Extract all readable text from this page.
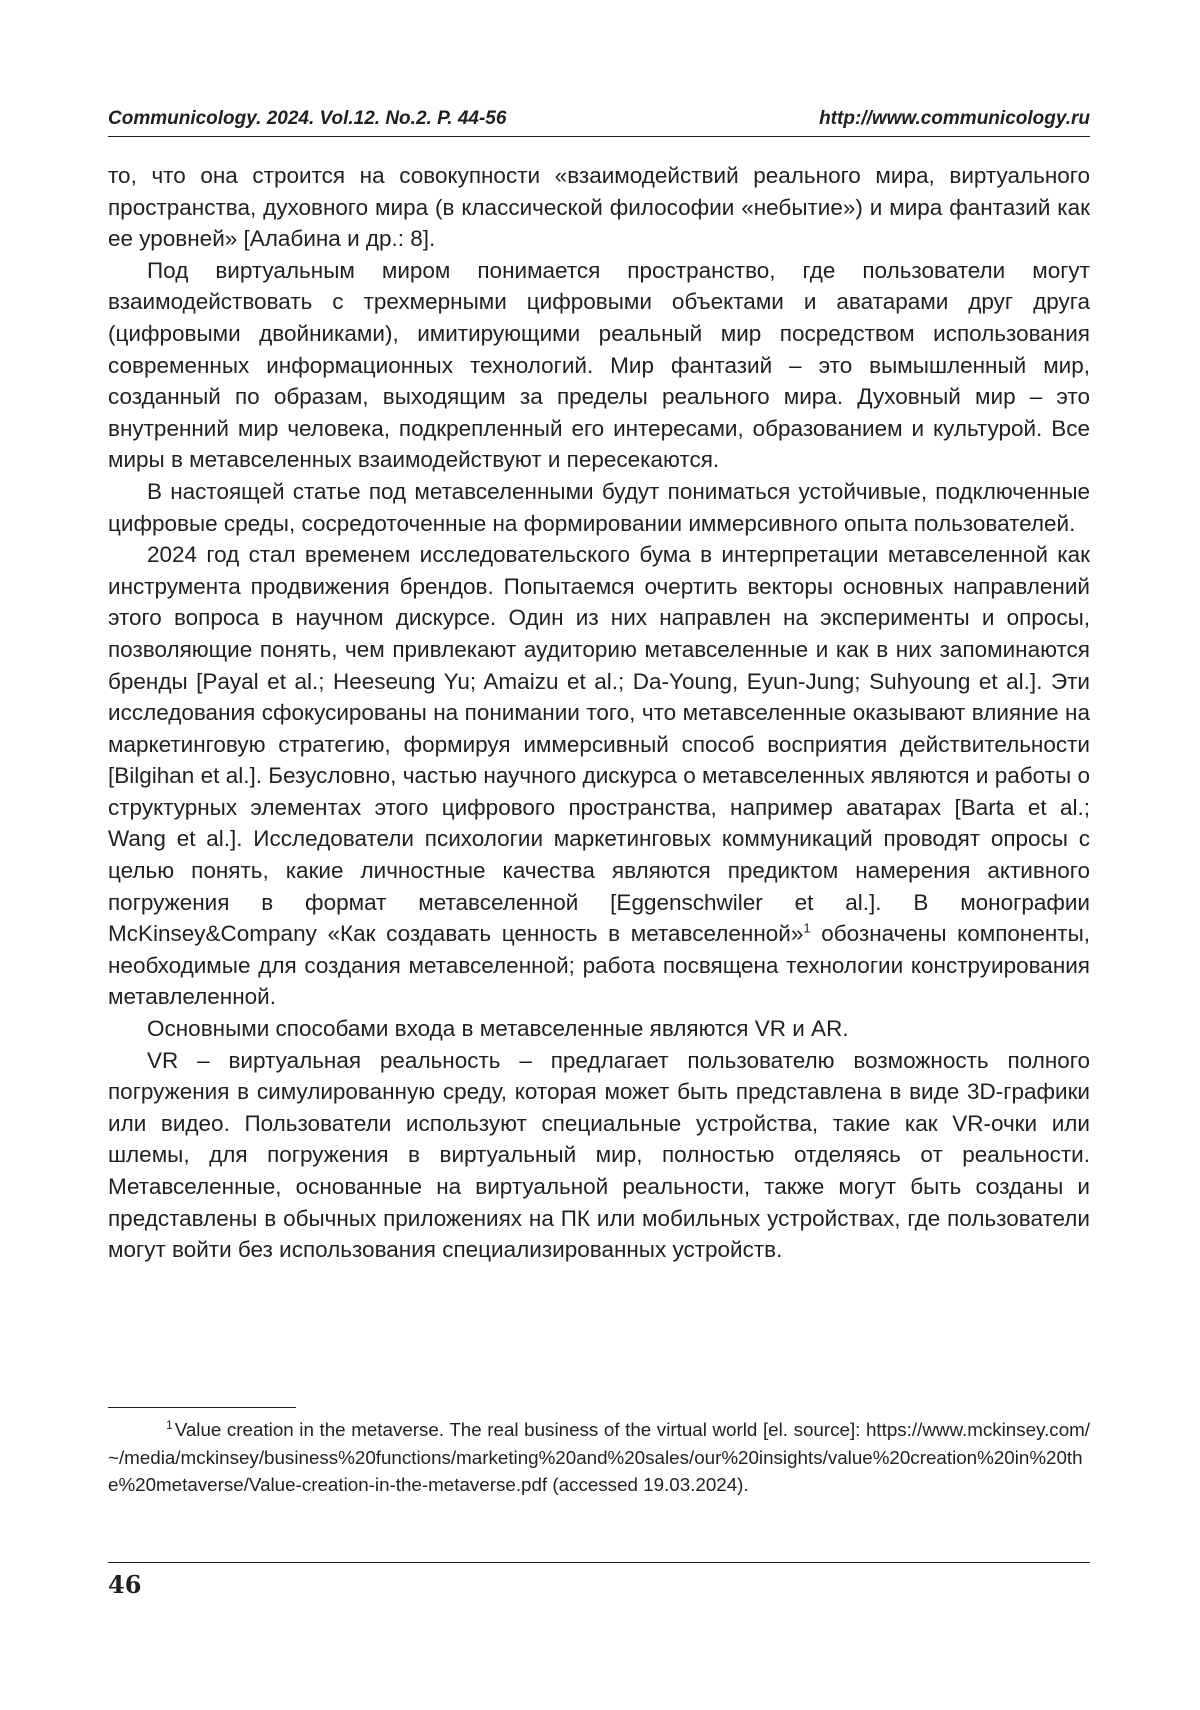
Communicology. 2024. Vol.12. No.2. P. 44-56	http://www.communicology.ru

то, что она строится на совокупности «взаимодействий реального мира, виртуального пространства, духовного мира (в классической философии «небытие») и мира фантазий как ее уровней» [Алабина и др.: 8].

Под виртуальным миром понимается пространство, где пользователи могут взаимодействовать с трехмерными цифровыми объектами и аватарами друг друга (цифровыми двойниками), имитирующими реальный мир посредством использования современных информационных технологий. Мир фантазий – это вымышленный мир, созданный по образам, выходящим за пределы реального мира. Духовный мир – это внутренний мир человека, подкрепленный его интересами, образованием и культурой. Все миры в метавселенных взаимодействуют и пересекаются.

В настоящей статье под метавселенными будут пониматься устойчивые, подключенные цифровые среды, сосредоточенные на формировании иммерсивного опыта пользователей.

2024 год стал временем исследовательского бума в интерпретации метавселенной как инструмента продвижения брендов. Попытаемся очертить векторы основных направлений этого вопроса в научном дискурсе. Один из них направлен на эксперименты и опросы, позволяющие понять, чем привлекают аудиторию метавселенные и как в них запоминаются бренды [Payal et al.; Heeseung Yu; Amaizu et al.; Da-Young, Eyun-Jung; Suhyoung et al.]. Эти исследования сфокусированы на понимании того, что метавселенные оказывают влияние на маркетинговую стратегию, формируя иммерсивный способ восприятия действительности [Bilgihan et al.]. Безусловно, частью научного дискурса о метавселенных являются и работы о структурных элементах этого цифрового пространства, например аватарах [Barta et al.; Wang et al.]. Исследователи психологии маркетинговых коммуникаций проводят опросы с целью понять, какие личностные качества являются предиктом намерения активного погружения в формат метавселенной [Eggenschwiler et al.]. В монографии McKinsey&Company «Как создавать ценность в метавселенной»$^1$ обозначены компоненты, необходимые для создания метавселенной; работа посвящена технологии конструирования метавлеленной.

Основными способами входа в метавселенные являются VR и AR.

VR – виртуальная реальность – предлагает пользователю возможность полного погружения в симулированную среду, которая может быть представлена в виде 3D-графики или видео. Пользователи используют специальные устройства, такие как VR-очки или шлемы, для погружения в виртуальный мир, полностью отделяясь от реальности. Метавселенные, основанные на виртуальной реальности, также могут быть созданы и представлены в обычных приложениях на ПК или мобильных устройствах, где пользователи могут войти без использования специализированных устройств.

$^1$ Value creation in the metaverse. The real business of the virtual world [el. source]: https://www.mckinsey.com/~/media/mckinsey/business%20functions/marketing%20and%20sales/our%20insights/value%20creation%20in%20the%20metaverse/Value-creation-in-the-metaverse.pdf (accessed 19.03.2024).
46
